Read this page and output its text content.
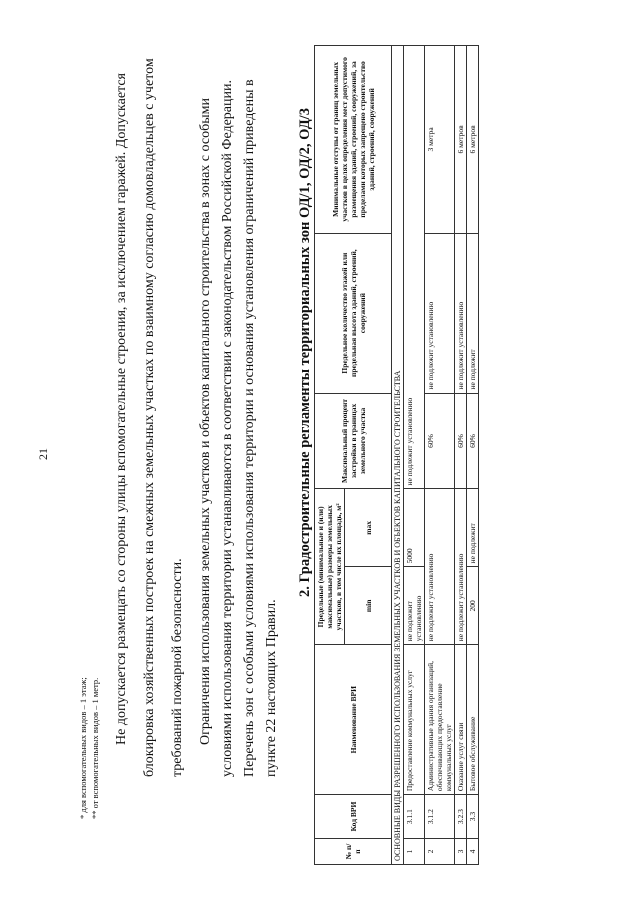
21
* для вспомогательных видов – 1 этаж; ** от вспомогательных видов – 1 метр.
Не допускается размещать со стороны улицы вспомогательные строения, за исключением гаражей. Допускается блокировка хозяйственных построек на смежных земельных участках по взаимному согласию домовладельцев с учетом требований пожарной безопасности. Ограничения использования земельных участков и объектов капитального строительства в зонах с особыми условиями использования территории устанавливаются в соответствии с законодательством Российской Федерации. Перечень зон с особыми условиями использования территории и основания установления ограничений приведены в пункте 22 настоящих Правил.
2. Градостроительные регламенты территориальных зон ОД/1, ОД/2, ОД/3
№ п/п	Код ВРИ	Наименование ВРИ	Предельные (минимальные и (или) максимальные) размеры земельных участков, в том числе их площадь, м²		Максимальный процент застройки в границах земельного участка	Предельное количество этажей или предельная высота зданий, строений, сооружений	Минимальные отступы от границ земельных участков в целях определения мест допустимого размещения зданий, строений, сооружений, за пределами которых запрещено строительство зданий, строений, сооружений
			min	max			
ОСНОВНЫЕ ВИДЫ РАЗРЕШЕННОГО ИСПОЛЬЗОВАНИЯ ЗЕМЕЛЬНЫХ УЧАСТКОВ И ОБЪЕКТОВ КАПИТАЛЬНОГО СТРОИТЕЛЬСТВА							
1	3.1.1	Предоставление коммунальных услуг	не подлежит установлению	5000	не подлежит установлению		
2	3.1.2	Административные здания организаций, обеспечивающих предоставление коммунальных услуг	не подлежит установлению		60%	не подлежит установлению	3 метра
3	3.2.3	Оказание услуг связи	не подлежит установлению		60%	не подлежит установлению	6 метров
4	3.3	Бытовое обслуживание	200	не подлежит	60%	не подлежит	6 метров
